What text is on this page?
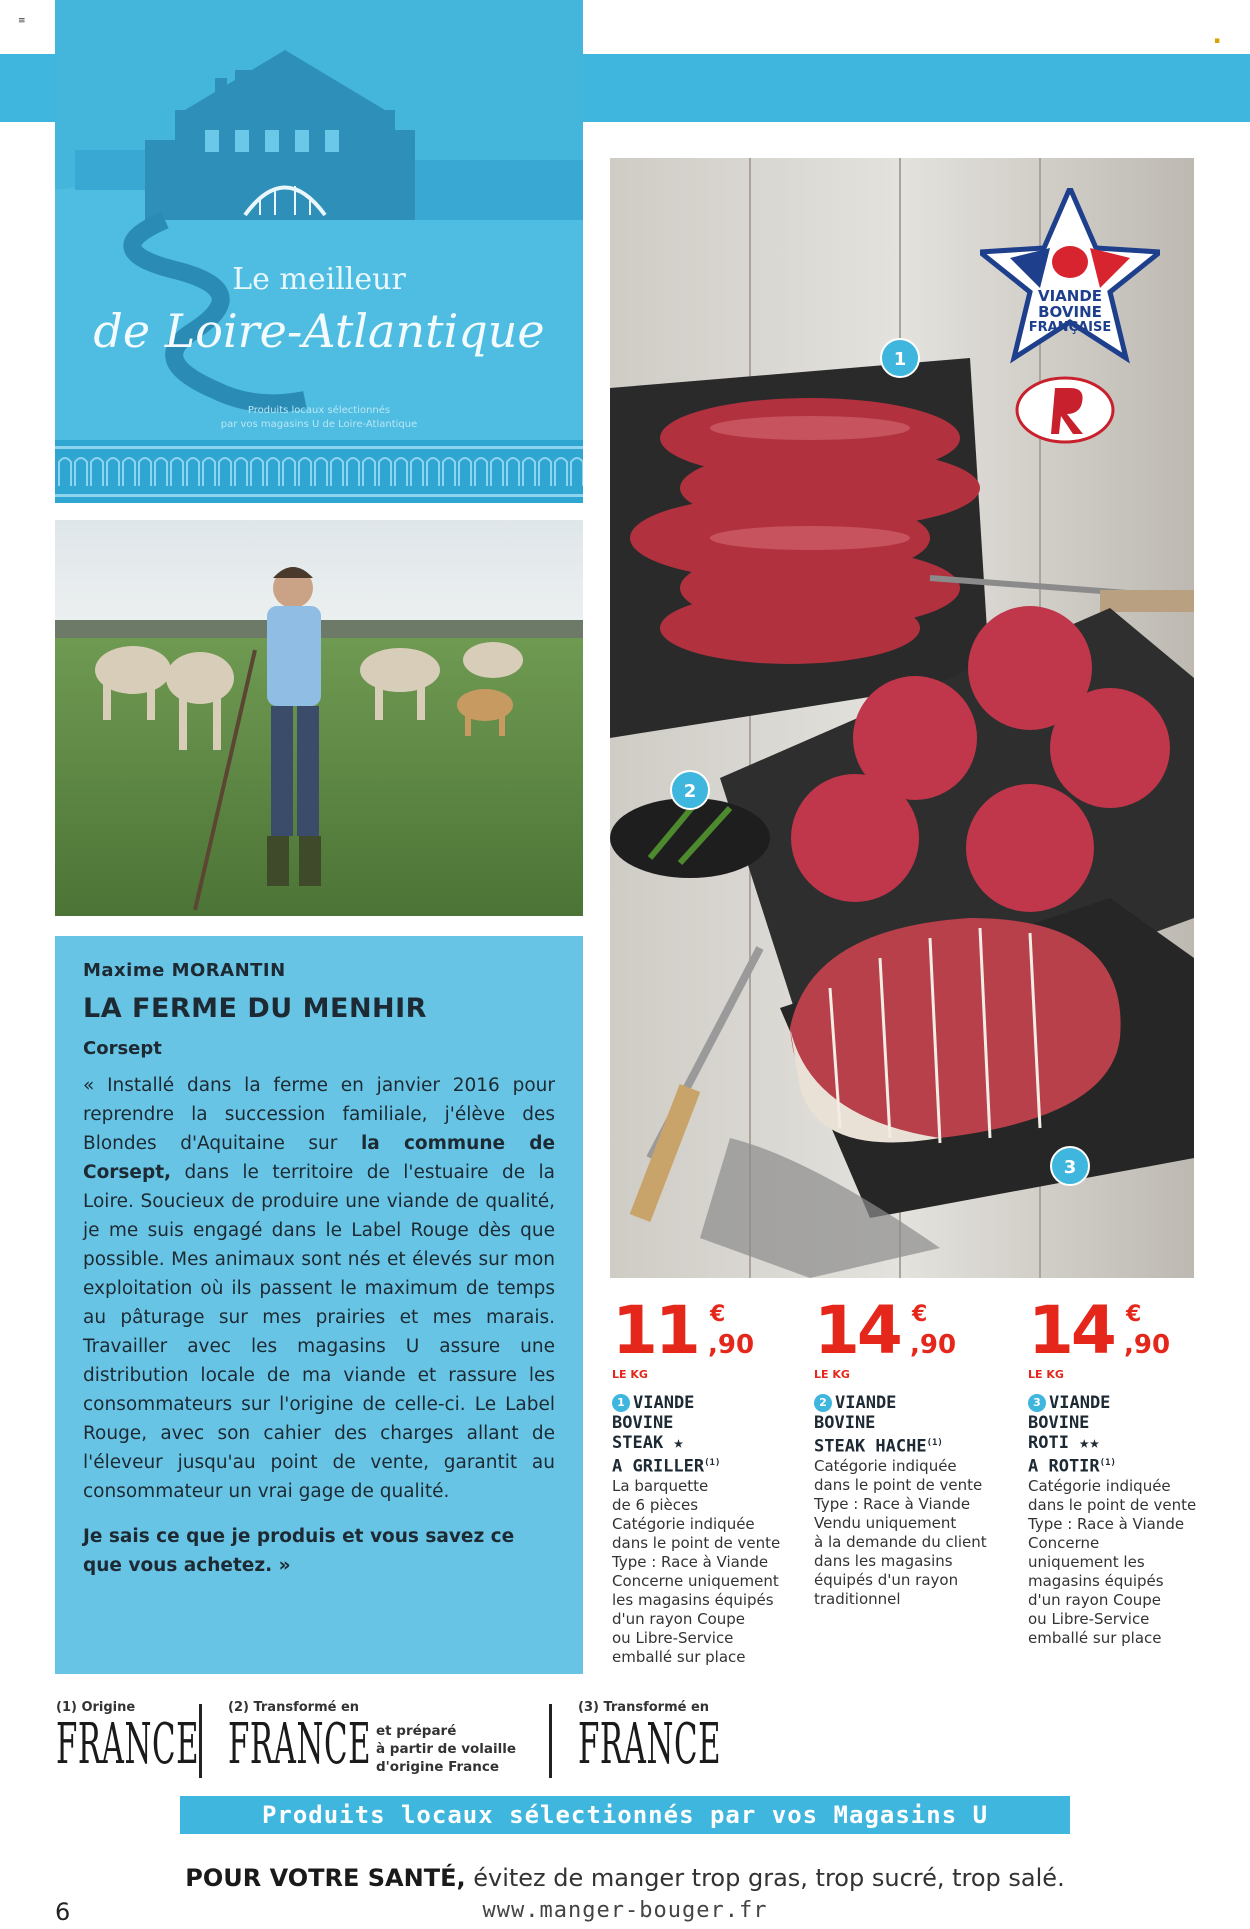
≡
▪
Le meilleur
de Loire-Atlantique
Produits locaux sélectionnés
par vos magasins U de Loire-Atlantique
Maxime MORANTIN
LA FERME DU MENHIR
Corsept
« Installé dans la ferme en janvier 2016 pour reprendre la succession familiale, j'élève des Blondes d'Aquitaine sur la commune de Corsept, dans le territoire de l'estuaire de la Loire. Soucieux de produire une viande de qualité, je me suis engagé dans le Label Rouge dès que possible. Mes animaux sont nés et élevés sur mon exploitation où ils passent le maximum de temps au pâturage sur mes prairies et mes marais. Travailler avec les magasins U assure une distribution locale de ma viande et rassure les consommateurs sur l'origine de celle-ci. Le Label Rouge, avec son cahier des charges allant de l'éleveur jusqu'au point de vente, garantit au consommateur un vrai gage de qualité.
Je sais ce que je produis et vous savez ce que vous achetez. »
VIANDE
BOVINE
FRANÇAISE
1
2
3
11 €
,90
LE KG
1 VIANDE
BOVINE
STEAK ★
A GRILLER$^{(1)}$
La barquette
de 6 pièces
Catégorie indiquée
dans le point de vente
Type : Race à Viande
Concerne uniquement
les magasins équipés
d'un rayon Coupe
ou Libre-Service
emballé sur place
14 €
,90
LE KG
2 VIANDE
BOVINE
STEAK HACHE$^{(1)}$
Catégorie indiquée
dans le point de vente
Type : Race à Viande
Vendu uniquement
à la demande du client
dans les magasins
équipés d'un rayon
traditionnel
14 €
,90
LE KG
3 VIANDE
BOVINE
ROTI ★★
A ROTIR$^{(1)}$
Catégorie indiquée
dans le point de vente
Type : Race à Viande
Concerne
uniquement les
magasins équipés
d'un rayon Coupe
ou Libre-Service
emballé sur place
(1) Origine
FRANCE
(2) Transformé en
FRANCE et préparé
à partir de volaille
d'origine France
(3) Transformé en
FRANCE
Produits locaux sélectionnés par vos Magasins U
POUR VOTRE SANTÉ, évitez de manger trop gras, trop sucré, trop salé.
www.manger-bouger.fr
6
